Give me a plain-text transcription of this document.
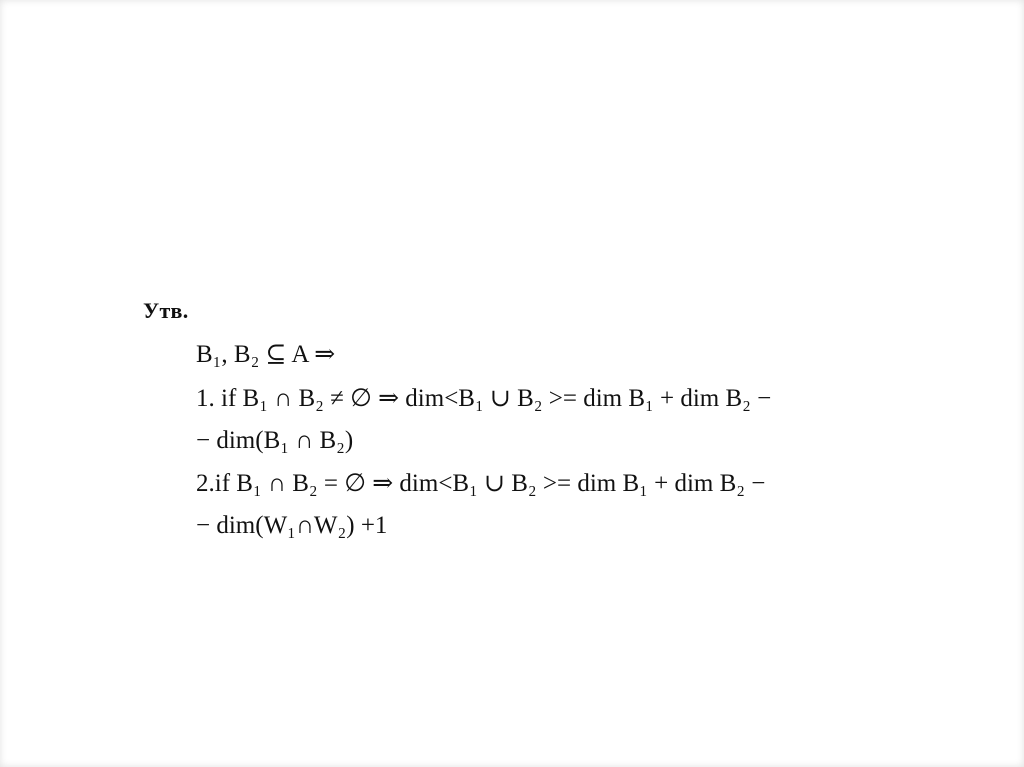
Утв.
B₁, B₂ ⊆ A ⇒
1. if B₁ ∩ B₂ ≠ ∅ ⇒ dim<B₁ ∪ B₂ >= dim B₁ + dim B₂ −
− dim(B₁ ∩ B₂)
2.if B₁ ∩ B₂ = ∅ ⇒ dim<B₁ ∪ B₂ >= dim B₁ + dim B₂ −
− dim(W₁∩W₂) +1
